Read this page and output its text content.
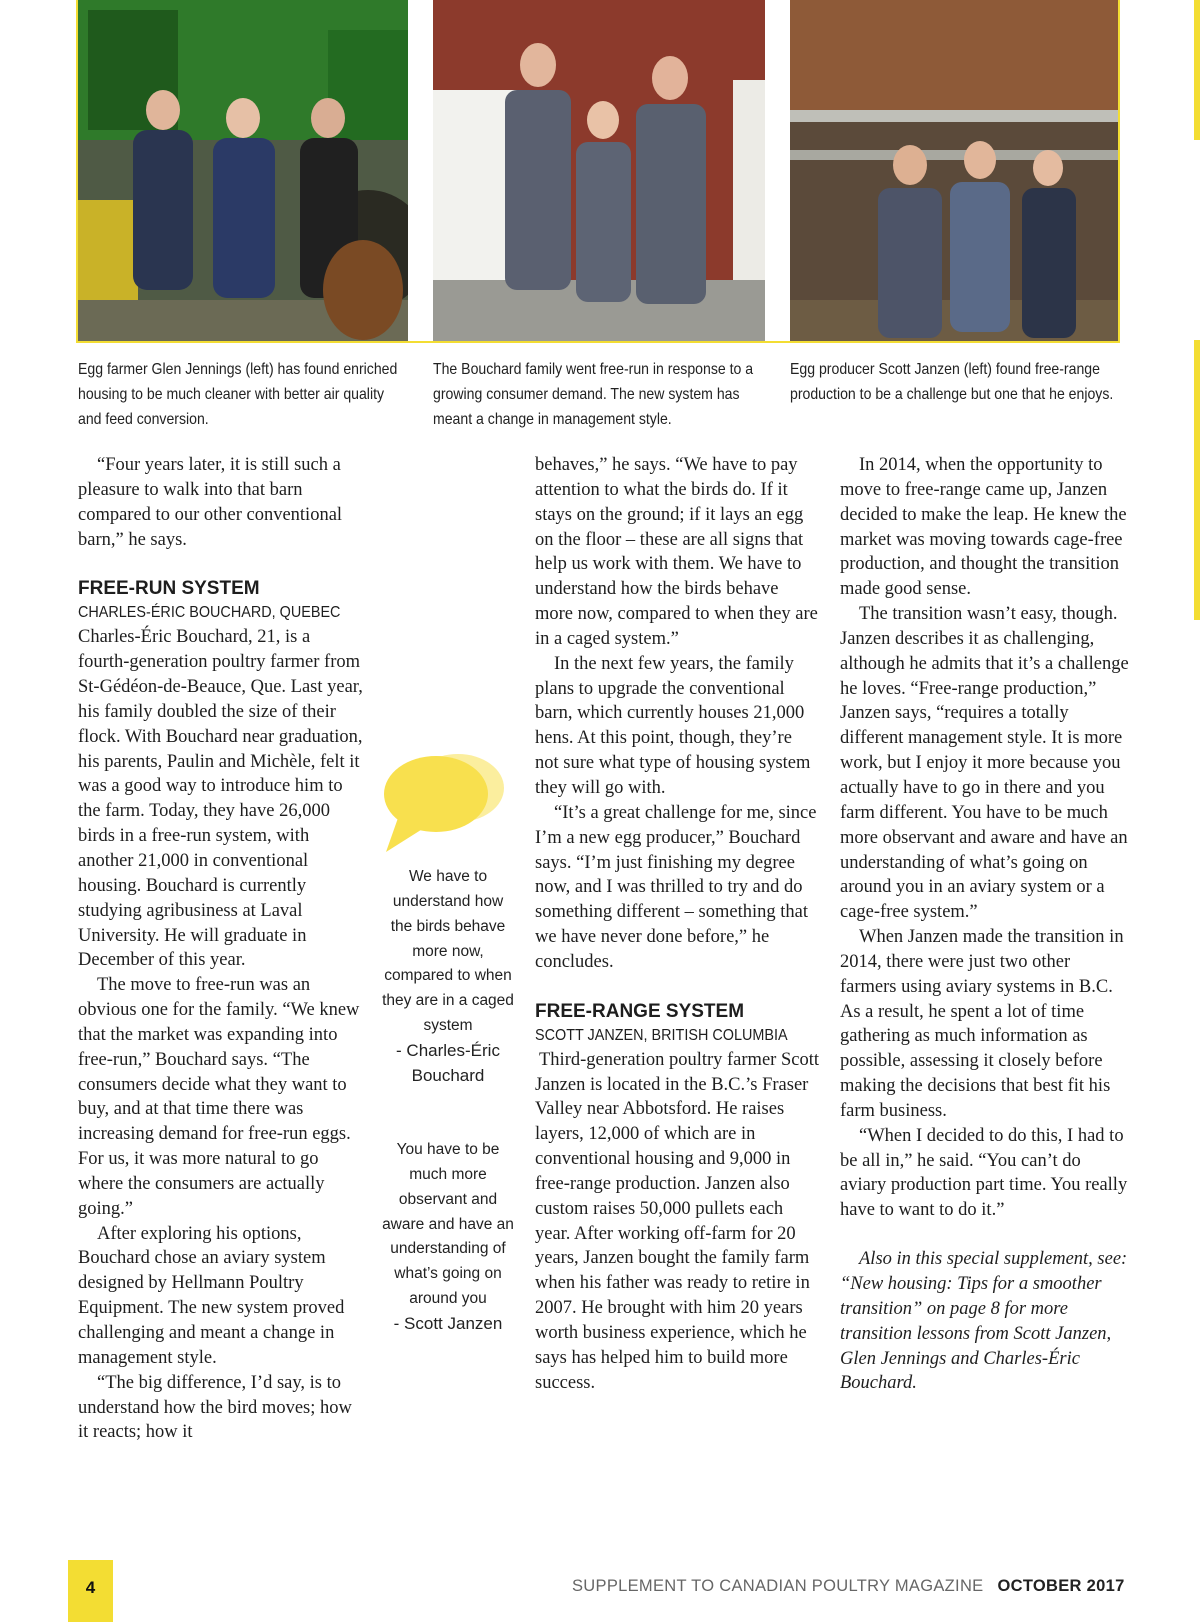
Egg farmer Glen Jennings (left) has found enriched housing to be much cleaner with better air quality and feed conversion.
The Bouchard family went free-run in response to a growing consumer demand. The new system has meant a change in management style.
Egg producer Scott Janzen (left) found free-range production to be a challenge but one that he enjoys.

“Four years later, it is still such a pleasure to walk into that barn compared to our other conventional barn,” he says.

FREE-RUN SYSTEM
CHARLES-ÉRIC BOUCHARD, QUEBEC

Charles-Éric Bouchard, 21, is a fourth-generation poultry farmer from St-Gédéon-de-Beauce, Que. Last year, his family doubled the size of their flock. With Bouchard near graduation, his parents, Paulin and Michèle, felt it was a good way to introduce him to the farm. Today, they have 26,000 birds in a free-run system, with another 21,000 in conventional housing. Bouchard is currently studying agribusiness at Laval University. He will graduate in December of this year.

The move to free-run was an obvious one for the family. “We knew that the market was expanding into free-run,” Bouchard says. “The consumers decide what they want to buy, and at that time there was increasing demand for free-run eggs. For us, it was more natural to go where the consumers are actually going.”

After exploring his options, Bouchard chose an aviary system designed by Hellmann Poultry Equipment. The new system proved challenging and meant a change in management style.

“The big difference, I’d say, is to understand how the bird moves; how it reacts; how it

We have to understand how the birds behave more now, compared to when they are in a caged system
- Charles-Éric Bouchard
You have to be much more observant and aware and have an understanding of what’s going on around you
- Scott Janzen

behaves,” he says. “We have to pay attention to what the birds do. If it stays on the ground; if it lays an egg on the floor – these are all signs that help us work with them. We have to understand how the birds behave more now, compared to when they are in a caged system.”

In the next few years, the family plans to upgrade the conventional barn, which currently houses 21,000 hens. At this point, though, they’re not sure what type of housing system they will go with.

“It’s a great challenge for me, since I’m a new egg producer,” Bouchard says. “I’m just finishing my degree now, and I was thrilled to try and do something different – something that we have never done before,” he concludes.

FREE-RANGE SYSTEM
SCOTT JANZEN, BRITISH COLUMBIA

Third-generation poultry farmer Scott Janzen is located in the B.C.’s Fraser Valley near Abbotsford. He raises layers, 12,000 of which are in conventional housing and 9,000 in free-range production. Janzen also custom raises 50,000 pullets each year. After working off-farm for 20 years, Janzen bought the family farm when his father was ready to retire in 2007. He brought with him 20 years worth business experience, which he says has helped him to build more success.

In 2014, when the opportunity to move to free-range came up, Janzen decided to make the leap. He knew the market was moving towards cage-free production, and thought the transition made good sense.

The transition wasn’t easy, though. Janzen describes it as challenging, although he admits that it’s a challenge he loves. “Free-range production,” Janzen says, “requires a totally different management style. It is more work, but I enjoy it more because you actually have to go in there and you farm different. You have to be much more observant and aware and have an understanding of what’s going on around you in an aviary system or a cage-free system.”

When Janzen made the transition in 2014, there were just two other farmers using aviary systems in B.C. As a result, he spent a lot of time gathering as much information as possible, assessing it closely before making the decisions that best fit his farm business.

“When I decided to do this, I had to be all in,” he said. “You can’t do aviary production part time. You really have to want to do it.”

Also in this special supplement, see: “New housing: Tips for a smoother transition” on page 8 for more transition lessons from Scott Janzen, Glen Jennings and Charles-Éric Bouchard.

4	SUPPLEMENT TO CANADIAN POULTRY MAGAZINE OCTOBER 2017
